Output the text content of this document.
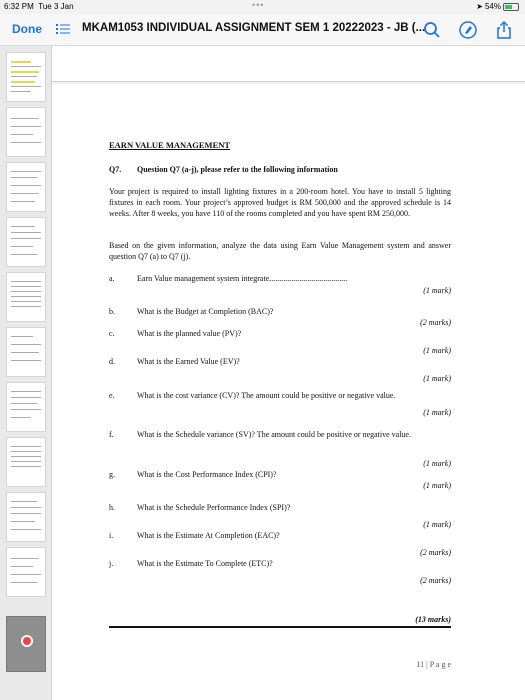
6:32 PM Tue 3 Jan	•••	➤ 54%
Done	MKAM1053 INDIVIDUAL ASSIGNMENT SEM 1 20222023 - JB (...
EARN VALUE MANAGEMENT
Q7. Question Q7 (a-j), please refer to the following information
Your project is required to install lighting fixtures in a 200-room hotel. You have to install 5 lighting fixtures in each room. Your project’s approved budget is RM 500,000 and the approved schedule is 14 weeks. After 8 weeks, you have 110 of the rooms completed and you have spent RM 250,000.
Based on the given information, analyze the data using Earn Value Management system and answer question Q7 (a) to Q7 (j).
a.	Earn Value management system integrate.......................................
(1 mark)
b.	What is the Budget at Completion (BAC)?
(2 marks)
c.	What is the planned value (PV)?
(1 mark)
d.	What is the Earned Value (EV)?
(1 mark)
e.	What is the cost variance (CV)? The amount could be positive or negative value.
(1 mark)
f.	What is the Schedule variance (SV)? The amount could be positive or negative value.
(1 mark)
g.	What is the Cost Performance Index (CPI)?
(1 mark)
h.	What is the Schedule Performance Index (SPI)?
(1 mark)
i.	What is the Estimate At Completion (EAC)?
(2 marks)
j.	What is the Estimate To Complete (ETC)?
(2 marks)
(13 marks)
11 | P a g e
